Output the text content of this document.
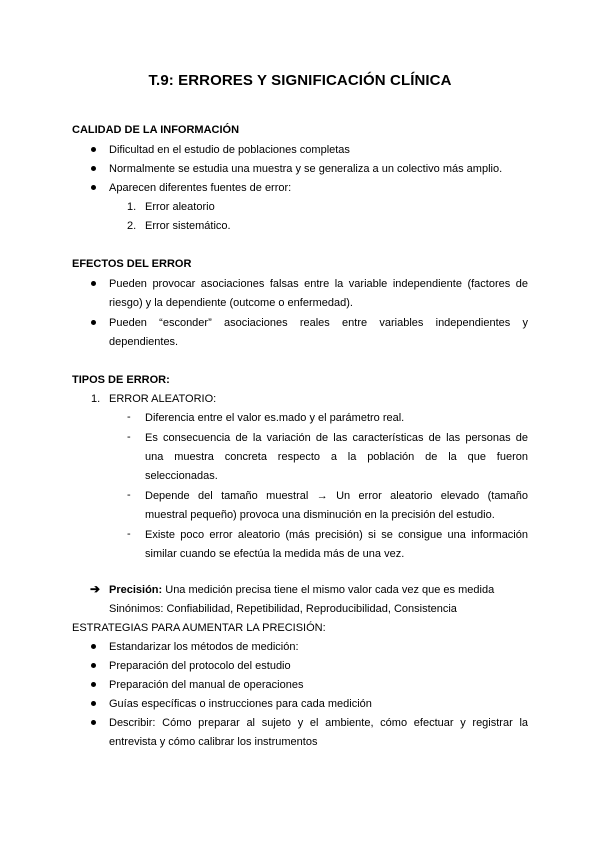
T.9: ERRORES Y SIGNIFICACIÓN CLÍNICA
CALIDAD DE LA INFORMACIÓN
Dificultad en el estudio de poblaciones completas
Normalmente se estudia una muestra y se generaliza a un colectivo más amplio.
Aparecen diferentes fuentes de error:
1. Error aleatorio
2. Error sistemático.
EFECTOS DEL ERROR
Pueden provocar asociaciones falsas entre la variable independiente (factores de
riesgo) y la dependiente (outcome o enfermedad).
Pueden “esconder” asociaciones reales entre variables independientes y
dependientes.
TIPOS DE ERROR:
1. ERROR ALEATORIO:
- Diferencia entre el valor es.mado y el parámetro real.
- Es consecuencia de la variación de las características de las personas de
una muestra concreta respecto a la población de la que fueron
seleccionadas.
- Depende del tamaño muestral → Un error aleatorio elevado (tamaño
muestral pequeño) provoca una disminución en la precisión del estudio.
- Existe poco error aleatorio (más precisión) si se consigue una información
similar cuando se efectúa la medida más de una vez.
➔ Precisión: Una medición precisa tiene el mismo valor cada vez que es medida
Sinónimos: Confiabilidad, Repetibilidad, Reproducibilidad, Consistencia
ESTRATEGIAS PARA AUMENTAR LA PRECISIÓN:
Estandarizar los métodos de medición:
Preparación del protocolo del estudio
Preparación del manual de operaciones
Guías específicas o instrucciones para cada medición
Describir: Cómo preparar al sujeto y el ambiente, cómo efectuar y registrar la
entrevista y cómo calibrar los instrumentos
